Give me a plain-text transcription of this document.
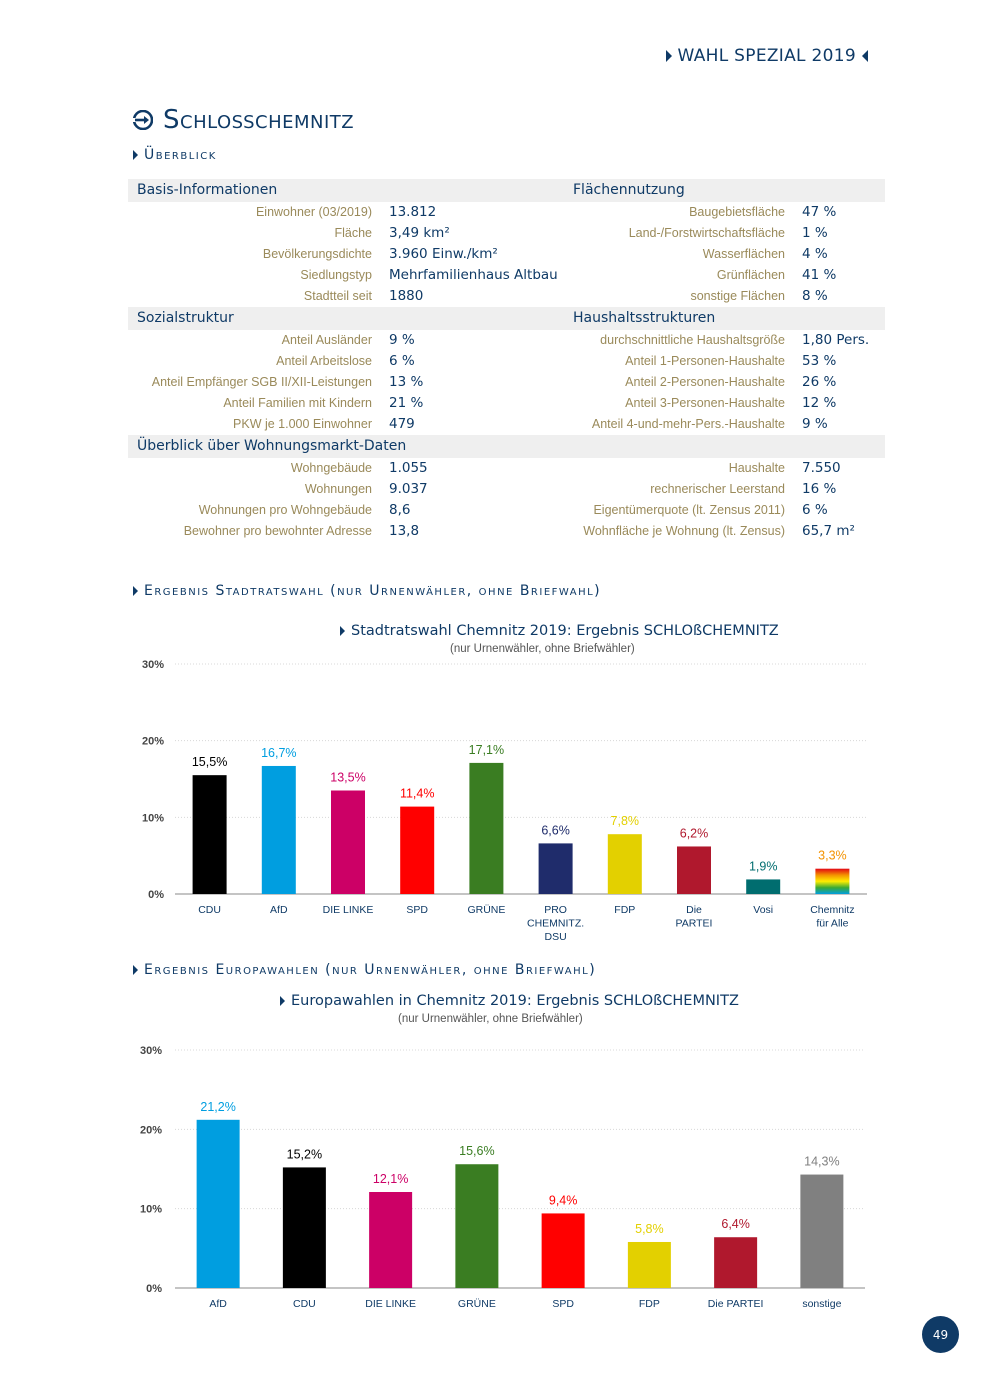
WAHL SPEZIAL 2019
Schloßchemnitz
Überblick
Basis-Informationen	Flächennutzung
Einwohner (03/2019) 13.812	Baugebietsfläche 47 %
Fläche 3,49 km²	Land-/Forstwirtschaftsfläche 1 %
Bevölkerungsdichte 3.960 Einw./km²	Wasserflächen 4 %
Siedlungstyp Mehrfamilienhaus Altbau	Grünflächen 41 %
Stadtteil seit 1880	sonstige Flächen 8 %
Sozialstruktur	Haushaltsstrukturen
Anteil Ausländer 9 %	durchschnittliche Haushaltsgröße 1,80 Pers.
Anteil Arbeitslose 6 %	Anteil 1-Personen-Haushalte 53 %
Anteil Empfänger SGB II/XII-Leistungen 13 %	Anteil 2-Personen-Haushalte 26 %
Anteil Familien mit Kindern 21 %	Anteil 3-Personen-Haushalte 12 %
PKW je 1.000 Einwohner 479	Anteil 4-und-mehr-Pers.-Haushalte 9 %
Überblick über Wohnungsmarkt-Daten
Wohngebäude 1.055	Haushalte 7.550
Wohnungen 9.037	rechnerischer Leerstand 16 %
Wohnungen pro Wohngebäude 8,6	Eigentümerquote (lt. Zensus 2011) 6 %
Bewohner pro bewohnter Adresse 13,8	Wohnfläche je Wohnung (lt. Zensus) 65,7 m²
Ergebnis Stadtratswahl (nur Urnenwähler, ohne Briefwahl)
Stadtratswahl Chemnitz 2019: Ergebnis SCHLOßCHEMNITZ
(nur Urnenwähler, ohne Briefwähler)
0%
10%
20%
30%
15,5%
CDU
16,7%
AfD
13,5%
DIE LINKE
11,4%
SPD
17,1%
GRÜNE
6,6%
PRO
CHEMNITZ.
DSU
7,8%
FDP
6,2%
Die
PARTEI
1,9%
Vosi
3,3%
Chemnitz
für Alle
Ergebnis Europawahlen (nur Urnenwähler, ohne Briefwahl)
Europawahlen in Chemnitz 2019: Ergebnis SCHLOßCHEMNITZ
(nur Urnenwähler, ohne Briefwähler)
0%
10%
20%
30%
21,2%
AfD
15,2%
CDU
12,1%
DIE LINKE
15,6%
GRÜNE
9,4%
SPD
5,8%
FDP
6,4%
Die PARTEI
14,3%
sonstige
49
